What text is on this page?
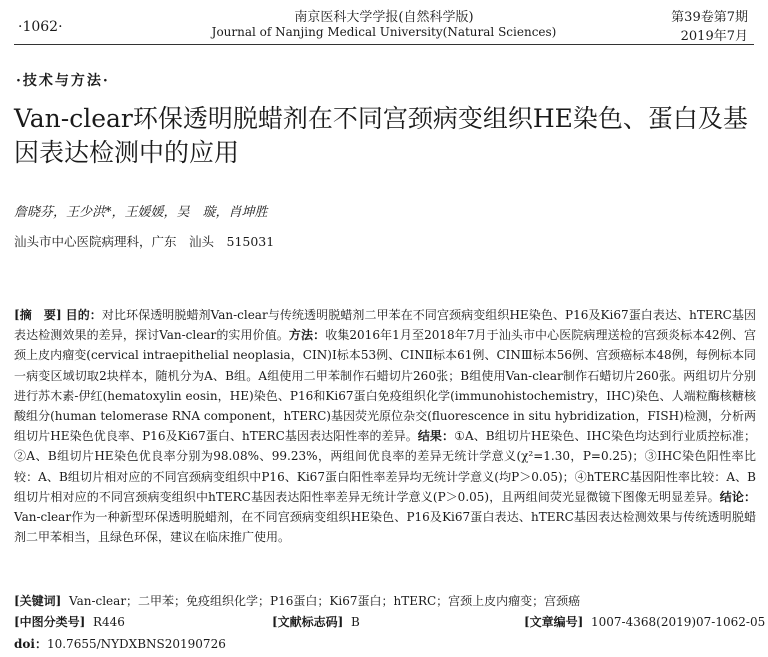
·1062·
南京医科大学学报(自然科学版)
Journal of Nanjing Medical University(Natural Sciences)
第39卷第7期
2019年7月
·技术与方法·
Van-clear环保透明脱蜡剂在不同宫颈病变组织HE染色、蛋白及基因表达检测中的应用
詹晓芬，王少洪*，王媛媛，吴　璇，肖坤胜
汕头市中心医院病理科，广东　汕头　515031
[摘　要] 目的：对比环保透明脱蜡剂Van-clear与传统透明脱蜡剂二甲苯在不同宫颈病变组织HE染色、P16及Ki67蛋白表达、hTERC基因表达检测效果的差异，探讨Van-clear的实用价值。方法：收集2016年1月至2018年7月于汕头市中心医院病理送检的宫颈炎标本42例、宫颈上皮内瘤变(cervical intraepithelial neoplasia，CIN)Ⅰ标本53例、CINⅡ标本61例、CINⅢ标本56例、宫颈癌标本48例，每例标本同一病变区域切取2块样本，随机分为A、B组。A组使用二甲苯制作石蜡切片260张；B组使用Van-clear制作石蜡切片260张。两组切片分别进行苏木素-伊红(hematoxylin eosin，HE)染色、P16和Ki67蛋白免疫组织化学(immunohistochemistry，IHC)染色、人端粒酶核糖核酸组分(human telomerase RNA component，hTERC)基因荧光原位杂交(fluorescence in situ hybridization，FISH)检测，分析两组切片HE染色优良率、P16及Ki67蛋白、hTERC基因表达阳性率的差异。结果：①A、B组切片HE染色、IHC染色均达到行业质控标准；②A、B组切片HE染色优良率分别为98.08%、99.23%，两组间优良率的差异无统计学意义(χ²=1.30，P=0.25)；③IHC染色阳性率比较：A、B组切片相对应的不同宫颈病变组织中P16、Ki67蛋白阳性率差异均无统计学意义(均P＞0.05)；④hTERC基因阳性率比较：A、B组切片相对应的不同宫颈病变组织中hTERC基因表达阳性率差异无统计学意义(P＞0.05)，且两组间荧光显微镜下图像无明显差异。结论：Van-clear作为一种新型环保透明脱蜡剂，在不同宫颈病变组织HE染色、P16及Ki67蛋白表达、hTERC基因表达检测效果与传统透明脱蜡剂二甲苯相当，且绿色环保，建议在临床推广使用。
[关键词] Van-clear；二甲苯；免疫组织化学；P16蛋白；Ki67蛋白；hTERC；宫颈上皮内瘤变；宫颈癌
[中图分类号] R446	[文献标志码] B	[文章编号] 1007-4368(2019)07-1062-05
doi：10.7655/NYDXBNS20190726
